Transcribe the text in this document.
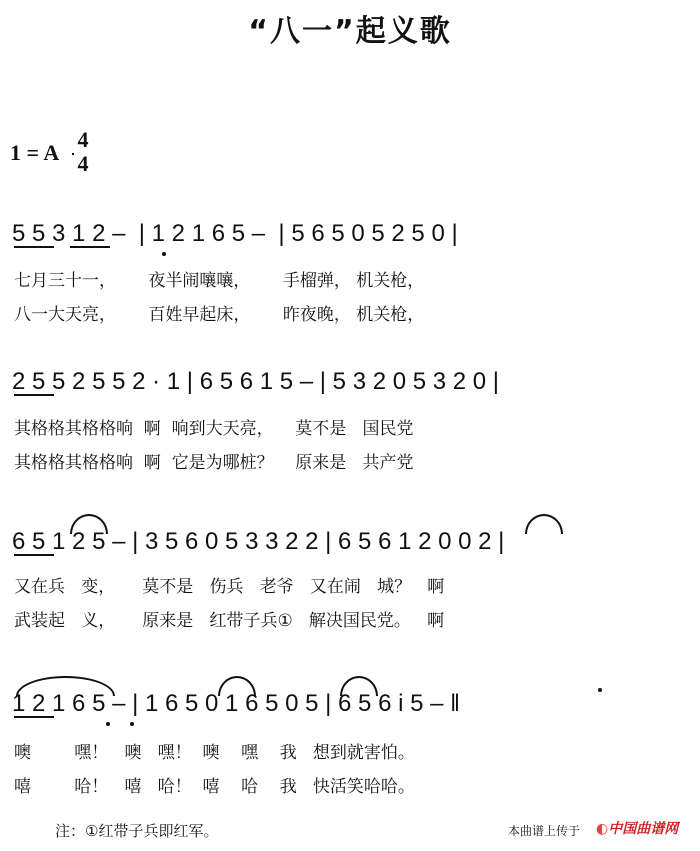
“八一”起义歌
1 = A
4
4
5 5 3 1 2 –  | 1 2 1 6 5 –  | 5 6 5 0 5 2 5 0 |
七月三十一，      夜半闹嚷嚷，      手榴弹， 机关枪，
八一大天亮，      百姓早起床，      昨夜晚， 机关枪，
2 5 5 2 5 5 2 · 1 | 6 5 6 1 5 – | 5 3 2 0 5 3 2 0 |
其格格其格格响  啊  响到大天亮，    莫不是   国民党
其格格其格格响  啊  它是为哪桩？    原来是   共产党
6 5 1 2 5 – | 3 5 6 0 5 3 3 2 2 | 6 5 6 1 2 0 0 2 |
又在兵   变，     莫不是   伤兵   老爷   又在闹   城？   啊
武装起   义，     原来是   红带子兵①   解决国民党。   啊
1 2 1 6 5 – | 1 6 5 0 1 6 5 0 5 | 6 5 6 i 5 – ‖
噢        嘿！   噢   嘿！  噢    嘿    我   想到就害怕。
嘻        哈！   嘻   哈！  嘻    哈    我   快活笑哈哈。
注：①红带子兵即红军。	本曲谱上传于 ◐中国曲谱网
